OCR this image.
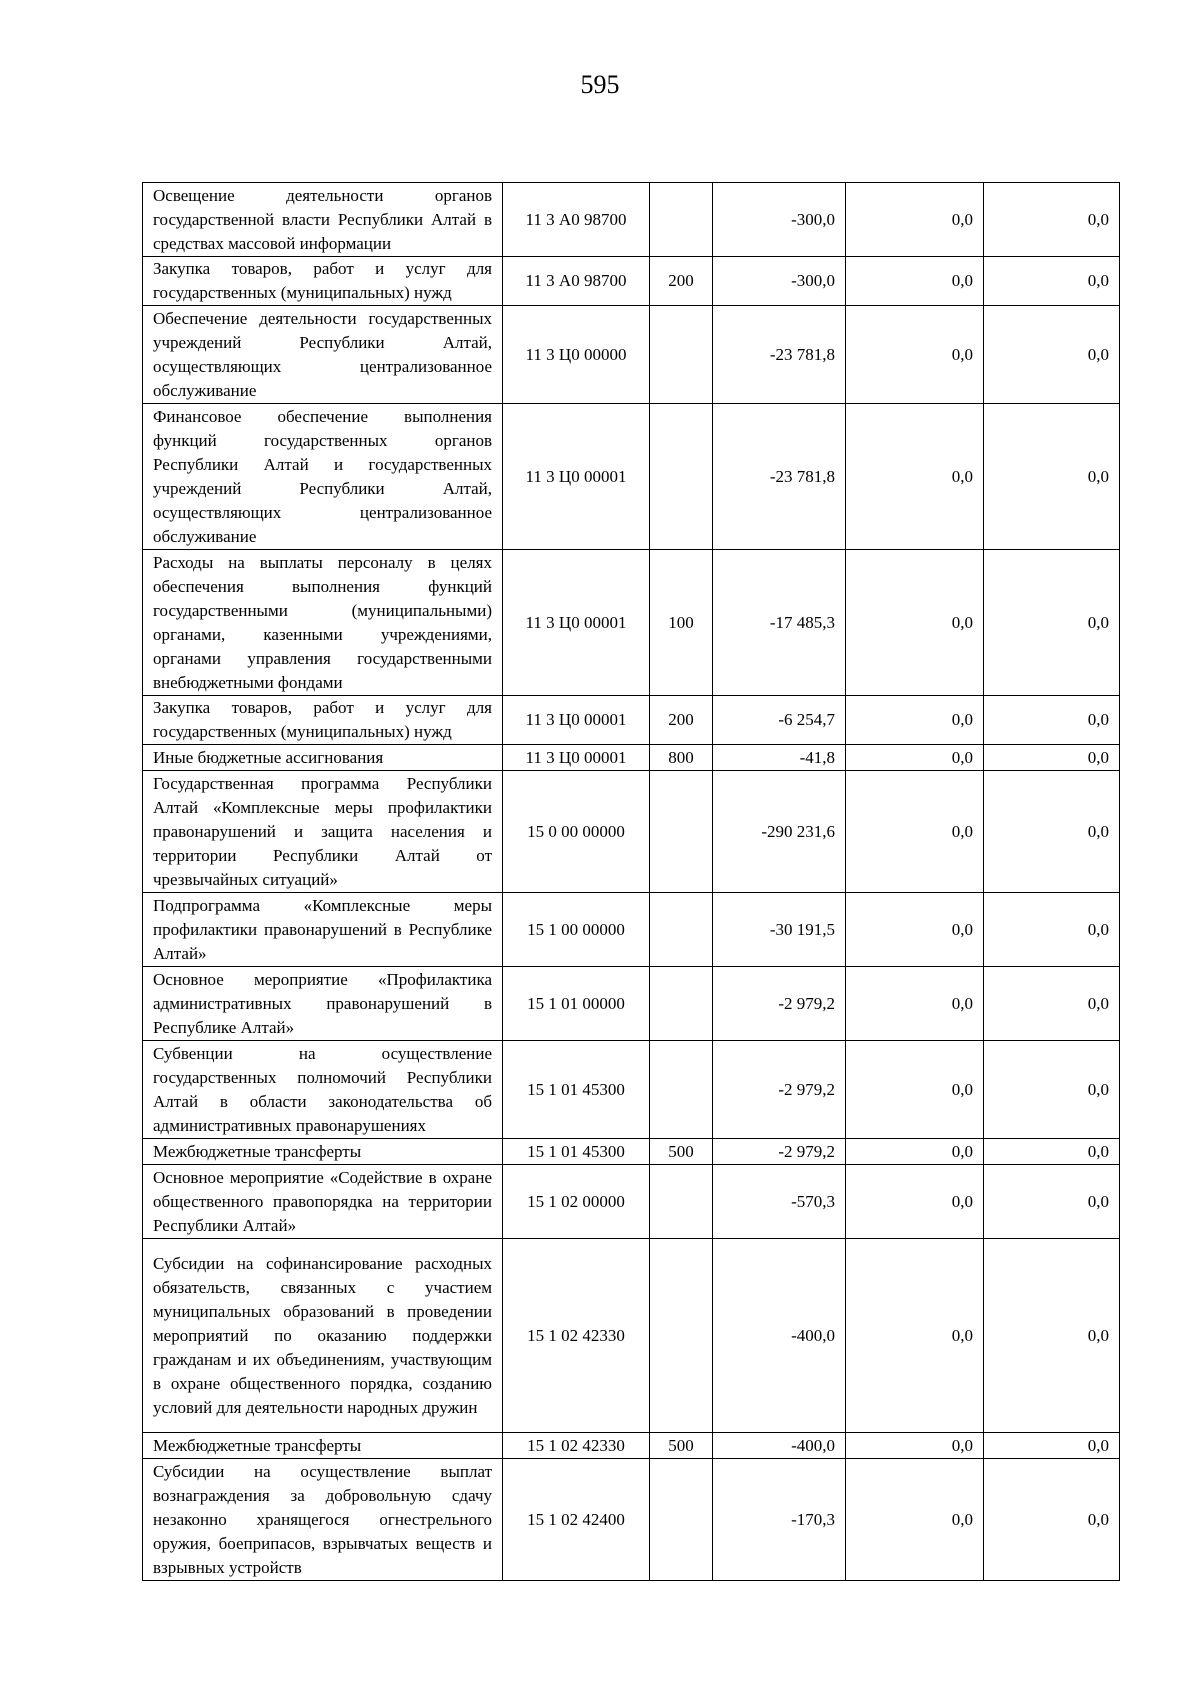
595
Освещение деятельности органов государственной власти Республики Алтай в средствах массовой информации	11 3 А0 98700		-300,0	0,0	0,0
Закупка товаров, работ и услуг для государственных (муниципальных) нужд	11 3 А0 98700	200	-300,0	0,0	0,0
Обеспечение деятельности государственных учреждений Республики Алтай, осуществляющих централизованное обслуживание	11 3 Ц0 00000		-23 781,8	0,0	0,0
Финансовое обеспечение выполнения функций государственных органов Республики Алтай и государственных учреждений Республики Алтай, осуществляющих централизованное обслуживание	11 3 Ц0 00001		-23 781,8	0,0	0,0
Расходы на выплаты персоналу в целях обеспечения выполнения функций государственными (муниципальными) органами, казенными учреждениями, органами управления государственными внебюджетными фондами	11 3 Ц0 00001	100	-17 485,3	0,0	0,0
Закупка товаров, работ и услуг для государственных (муниципальных) нужд	11 3 Ц0 00001	200	-6 254,7	0,0	0,0
Иные бюджетные ассигнования	11 3 Ц0 00001	800	-41,8	0,0	0,0
Государственная программа Республики Алтай «Комплексные меры профилактики правонарушений и защита населения и территории Республики Алтай от чрезвычайных ситуаций»	15 0 00 00000		-290 231,6	0,0	0,0
Подпрограмма «Комплексные меры профилактики правонарушений в Республике Алтай»	15 1 00 00000		-30 191,5	0,0	0,0
Основное мероприятие «Профилактика административных правонарушений в Республике Алтай»	15 1 01 00000		-2 979,2	0,0	0,0
Субвенции на осуществление государственных полномочий Республики Алтай в области законодательства об административных правонарушениях	15 1 01 45300		-2 979,2	0,0	0,0
Межбюджетные трансферты	15 1 01 45300	500	-2 979,2	0,0	0,0
Основное мероприятие «Содействие в охране общественного правопорядка на территории Республики Алтай»	15 1 02 00000		-570,3	0,0	0,0
Субсидии на софинансирование расходных обязательств, связанных с участием муниципальных образований в проведении мероприятий по оказанию поддержки гражданам и их объединениям, участвующим в охране общественного порядка, созданию условий для деятельности народных дружин	15 1 02 42330		-400,0	0,0	0,0
Межбюджетные трансферты	15 1 02 42330	500	-400,0	0,0	0,0
Субсидии на осуществление выплат вознаграждения за добровольную сдачу незаконно хранящегося огнестрельного оружия, боеприпасов, взрывчатых веществ и взрывных устройств	15 1 02 42400		-170,3	0,0	0,0
